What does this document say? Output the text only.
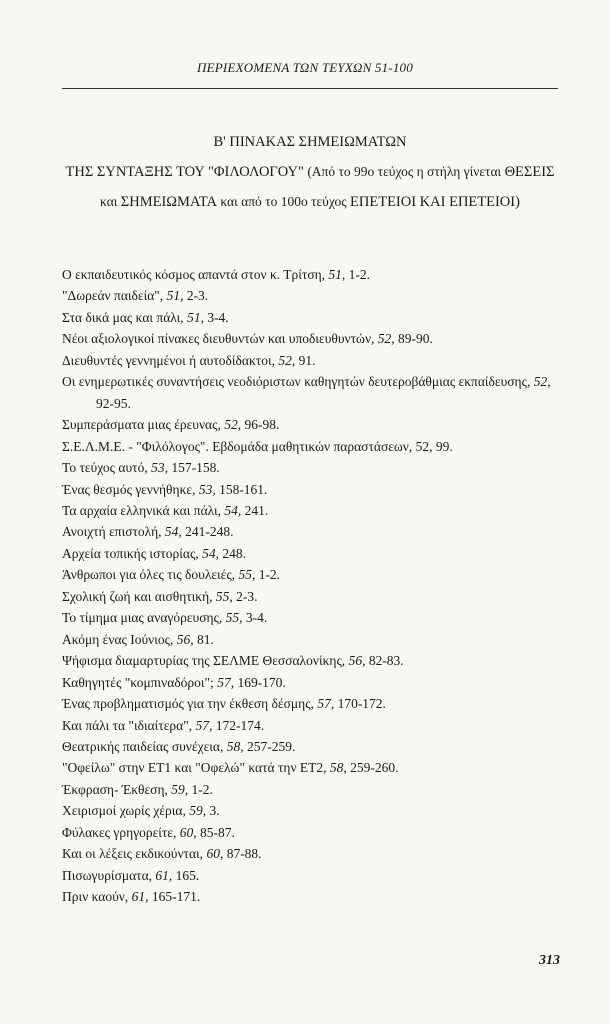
ΠΕΡΙΕΧΟΜΕΝΑ ΤΩΝ ΤΕΥΧΩΝ 51-100
Β' ΠΙΝΑΚΑΣ ΣΗΜΕΙΩΜΑΤΩΝ
ΤΗΣ ΣΥΝΤΑΞΗΣ ΤΟΥ "ΦΙΛΟΛΟΓΟΥ" (Από το 99ο τεύχος η στήλη γίνεται ΘΕΣΕΙΣ και ΣΗΜΕΙΩΜΑΤΑ και από το 100ο τεύχος ΕΠΕΤΕΙΟΙ ΚΑΙ ΕΠΕΤΕΙΟΙ)
Ο εκπαιδευτικός κόσμος απαντά στον κ. Τρίτση, 51, 1-2.
"Δωρεάν παιδεία", 51, 2-3.
Στα δικά μας και πάλι, 51, 3-4.
Νέοι αξιολογικοί πίνακες διευθυντών και υποδιευθυντών, 52, 89-90.
Διευθυντές γεννημένοι ή αυτοδίδακτοι, 52, 91.
Οι ενημερωτικές συναντήσεις νεοδιόριστων καθηγητών δευτεροβάθμιας εκπαίδευσης, 52, 92-95.
Συμπεράσματα μιας έρευνας, 52, 96-98.
Σ.Ε.Λ.Μ.Ε. - "Φιλόλογος". Εβδομάδα μαθητικών παραστάσεων, 52, 99.
Το τεύχος αυτό, 53, 157-158.
Ένας θεσμός γεννήθηκε, 53, 158-161.
Τα αρχαία ελληνικά και πάλι, 54, 241.
Ανοιχτή επιστολή, 54, 241-248.
Αρχεία τοπικής ιστορίας, 54, 248.
Άνθρωποι για όλες τις δουλειές, 55, 1-2.
Σχολική ζωή και αισθητική, 55, 2-3.
Το τίμημα μιας αναγόρευσης, 55, 3-4.
Ακόμη ένας Ιούνιος, 56, 81.
Ψήφισμα διαμαρτυρίας της ΣΕΛΜΕ Θεσσαλονίκης, 56, 82-83.
Καθηγητές "κομπιναδόροι"; 57, 169-170.
Ένας προβληματισμός για την έκθεση δέσμης, 57, 170-172.
Και πάλι τα "ιδιαίτερα", 57, 172-174.
Θεατρικής παιδείας συνέχεια, 58, 257-259.
"Οφείλω" στην ΕΤ1 και "Οφελώ" κατά την ΕΤ2, 58, 259-260.
Έκφραση- Έκθεση, 59, 1-2.
Χειρισμοί χωρίς χέρια, 59, 3.
Φύλακες γρηγορείτε, 60, 85-87.
Και οι λέξεις εκδικούνται, 60, 87-88.
Πισωγυρίσματα, 61, 165.
Πριν καούν, 61, 165-171.
313
